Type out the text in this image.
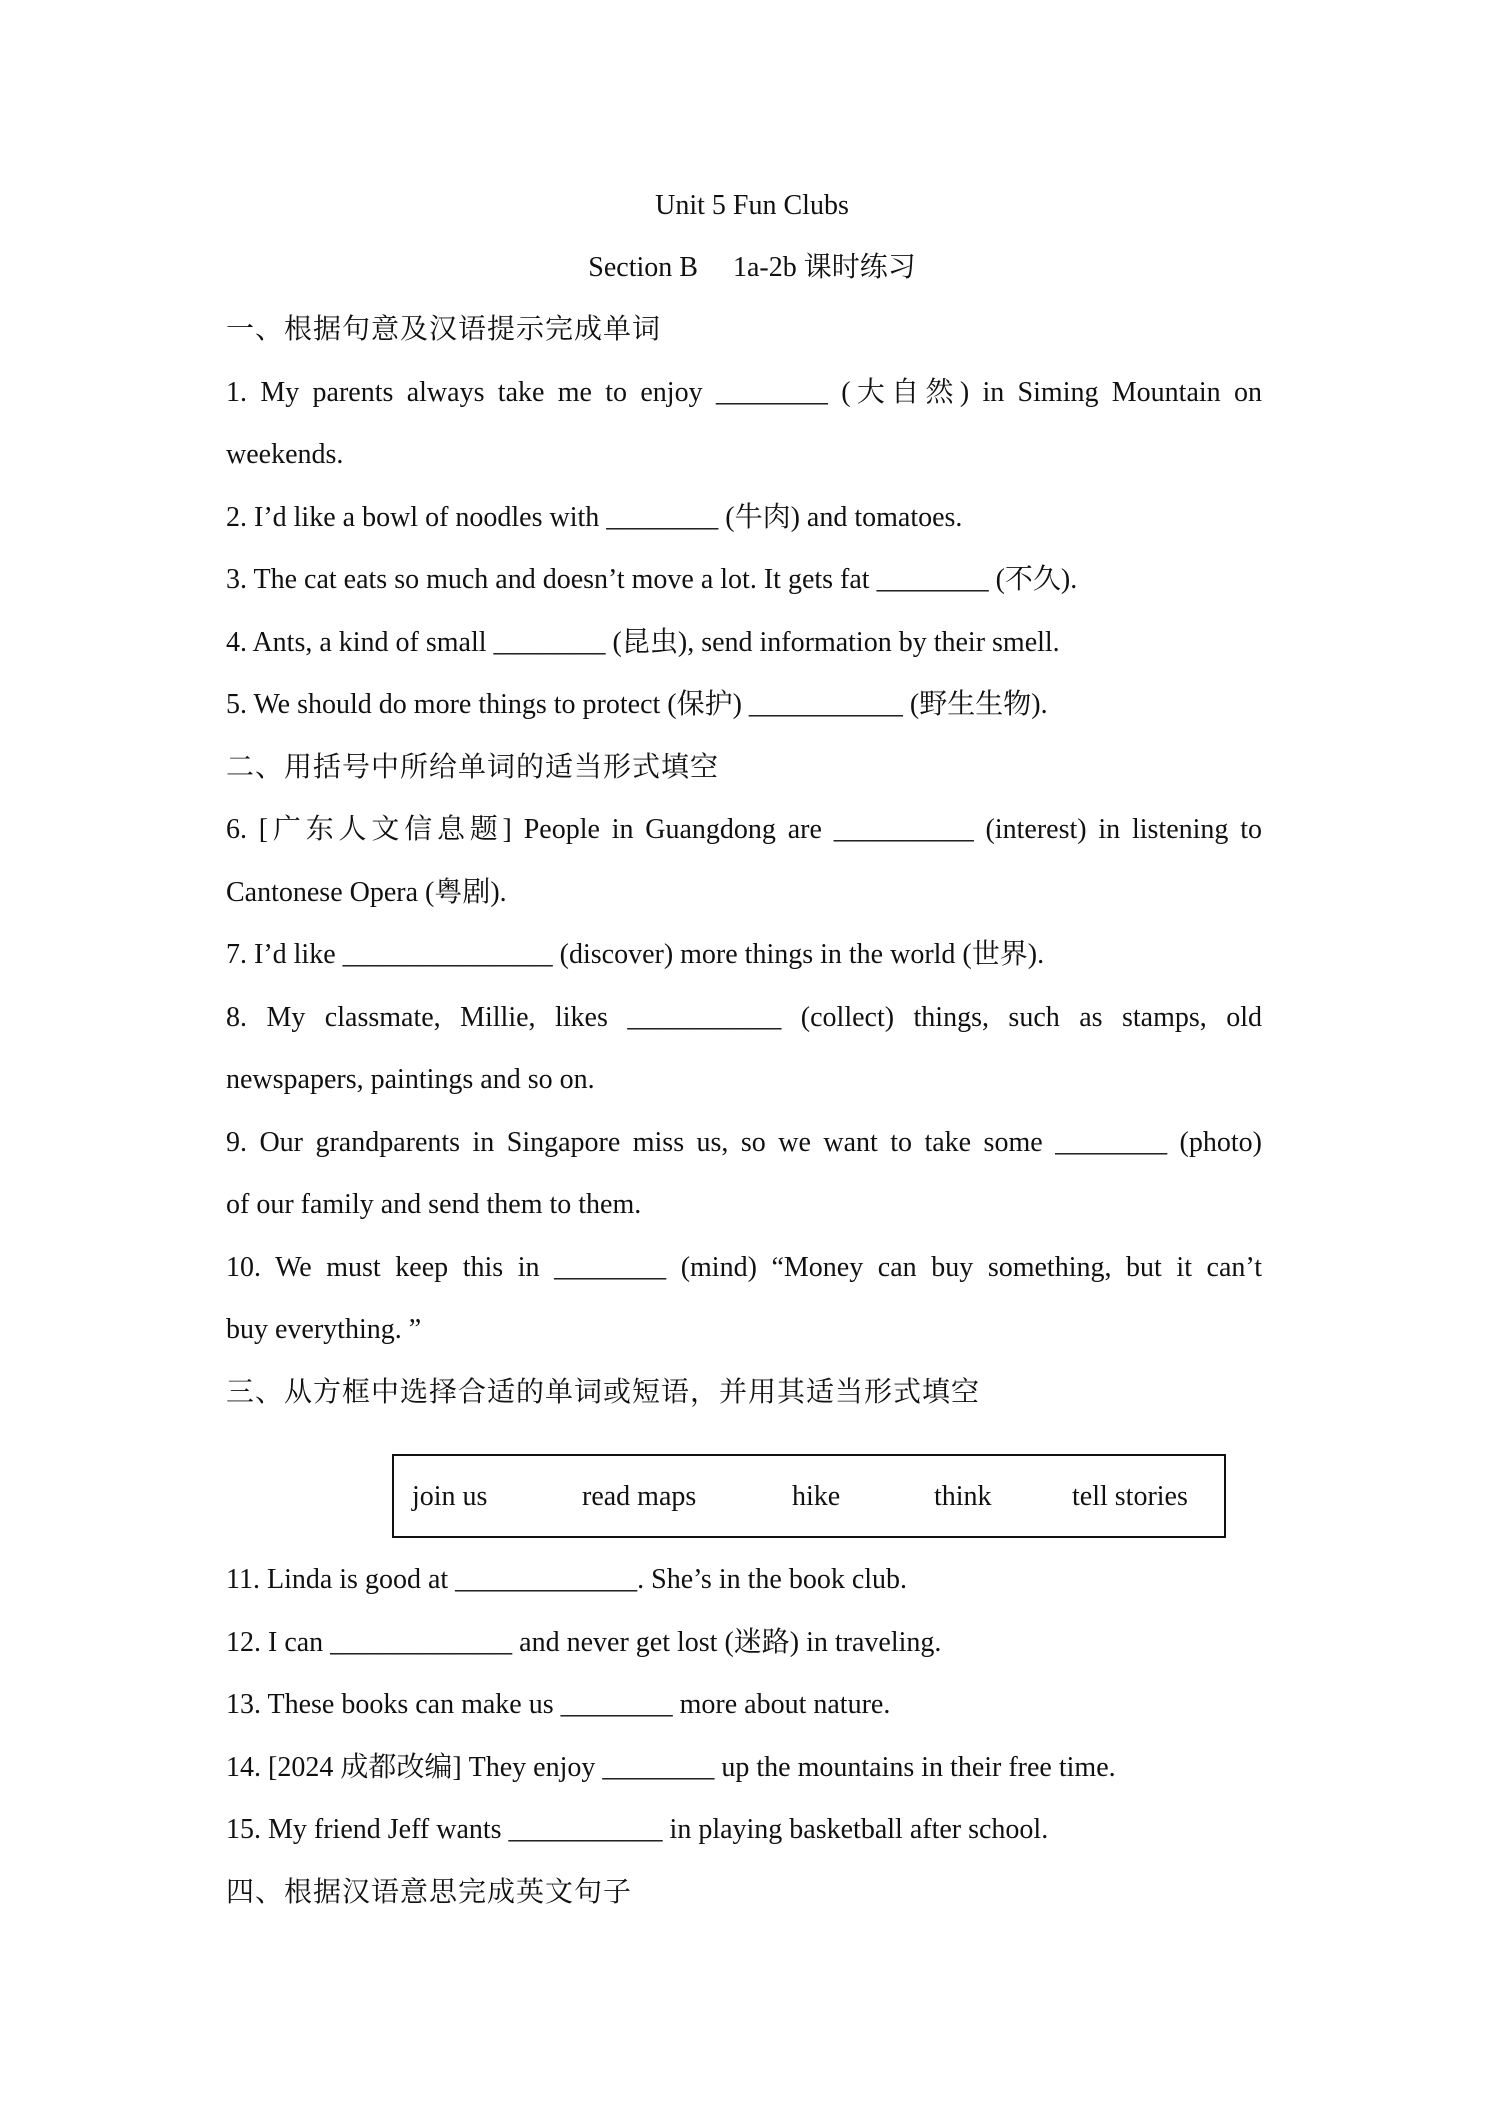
Unit 5 Fun Clubs
Section B　 1a-2b 课时练习
一、根据句意及汉语提示完成单词
1. My parents always take me to enjoy ________ (大自然) in Siming Mountain on
weekends.
2. I’d like a bowl of noodles with ________ (牛肉) and tomatoes.
3. The cat eats so much and doesn’t move a lot. It gets fat ________ (不久).
4. Ants, a kind of small ________ (昆虫), send information by their smell.
5. We should do more things to protect (保护) ___________ (野生生物).
二、用括号中所给单词的适当形式填空
6. [广东人文信息题] People in Guangdong are __________ (interest) in listening to
Cantonese Opera (粤剧).
7. I’d like _______________ (discover) more things in the world (世界).
8. My classmate, Millie, likes ___________ (collect) things, such as stamps, old
newspapers, paintings and so on.
9. Our grandparents in Singapore miss us, so we want to take some ________ (photo)
of our family and send them to them.
10. We must keep this in ________ (mind) “Money can buy something, but it can’t
buy everything. ”
三、从方框中选择合适的单词或短语，并用其适当形式填空
join us	read maps	hike	think	tell stories
11. Linda is good at _____________. She’s in the book club.
12. I can _____________ and never get lost (迷路) in traveling.
13. These books can make us ________ more about nature.
14. [2024 成都改编] They enjoy ________ up the mountains in their free time.
15. My friend Jeff wants ___________ in playing basketball after school.
四、根据汉语意思完成英文句子
